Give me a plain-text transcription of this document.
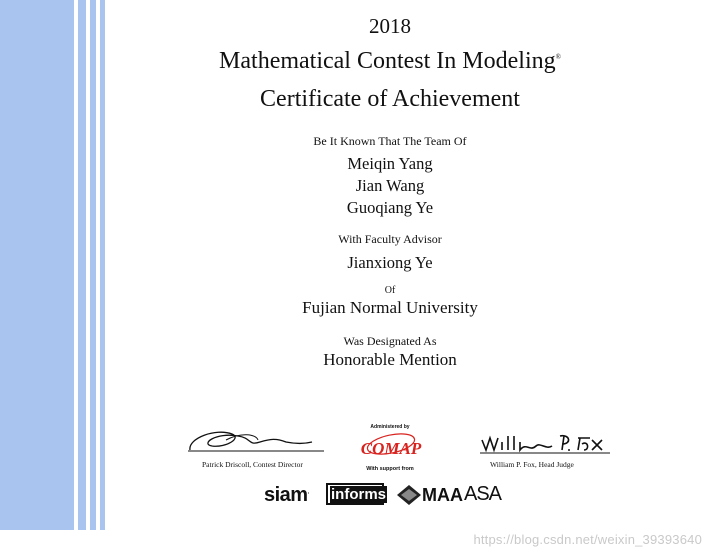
2018
Mathematical Contest In Modeling®
Certificate of Achievement
Be It Known That The Team Of
Meiqin Yang
Jian Wang
Guoqiang Ye
With Faculty Advisor
Jianxiong Ye
Of
Fujian Normal University
Was Designated As
Honorable Mention
Patrick Driscoll, Contest Director	William P. Fox, Head Judge
Administered by
COMAP
With support from
siam.	informs MAA ASA
https://blog.csdn.net/weixin_39393640
